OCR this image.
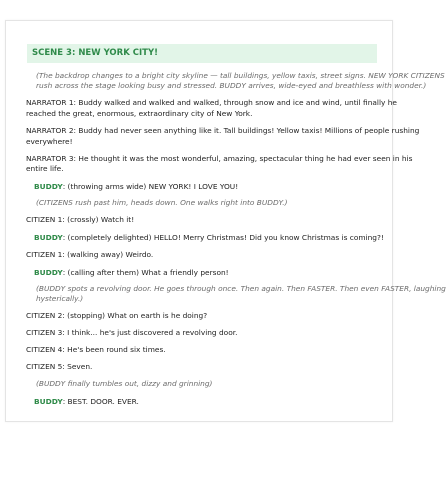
SCENE 3: NEW YORK CITY!
(The backdrop changes to a bright city skyline — tall buildings, yellow taxis, street signs. NEW YORK CITIZENS
rush across the stage looking busy and stressed. BUDDY arrives, wide-eyed and breathless with wonder.)
NARRATOR 1: Buddy walked and walked and walked, through snow and ice and wind, until finally he
reached the great, enormous, extraordinary city of New York.
NARRATOR 2: Buddy had never seen anything like it. Tall buildings! Yellow taxis! Millions of people rushing
everywhere!
NARRATOR 3: He thought it was the most wonderful, amazing, spectacular thing he had ever seen in his
entire life.
BUDDY: (throwing arms wide) NEW YORK! I LOVE YOU!
(CITIZENS rush past him, heads down. One walks right into BUDDY.)
CITIZEN 1: (crossly) Watch it!
BUDDY: (completely delighted) HELLO! Merry Christmas! Did you know Christmas is coming?!
CITIZEN 1: (walking away) Weirdo.
BUDDY: (calling after them) What a friendly person!
(BUDDY spots a revolving door. He goes through once. Then again. Then FASTER. Then even FASTER, laughing
hysterically.)
CITIZEN 2: (stopping) What on earth is he doing?
CITIZEN 3: I think... he's just discovered a revolving door.
CITIZEN 4: He's been round six times.
CITIZEN 5: Seven.
(BUDDY finally tumbles out, dizzy and grinning)
BUDDY: BEST. DOOR. EVER.
